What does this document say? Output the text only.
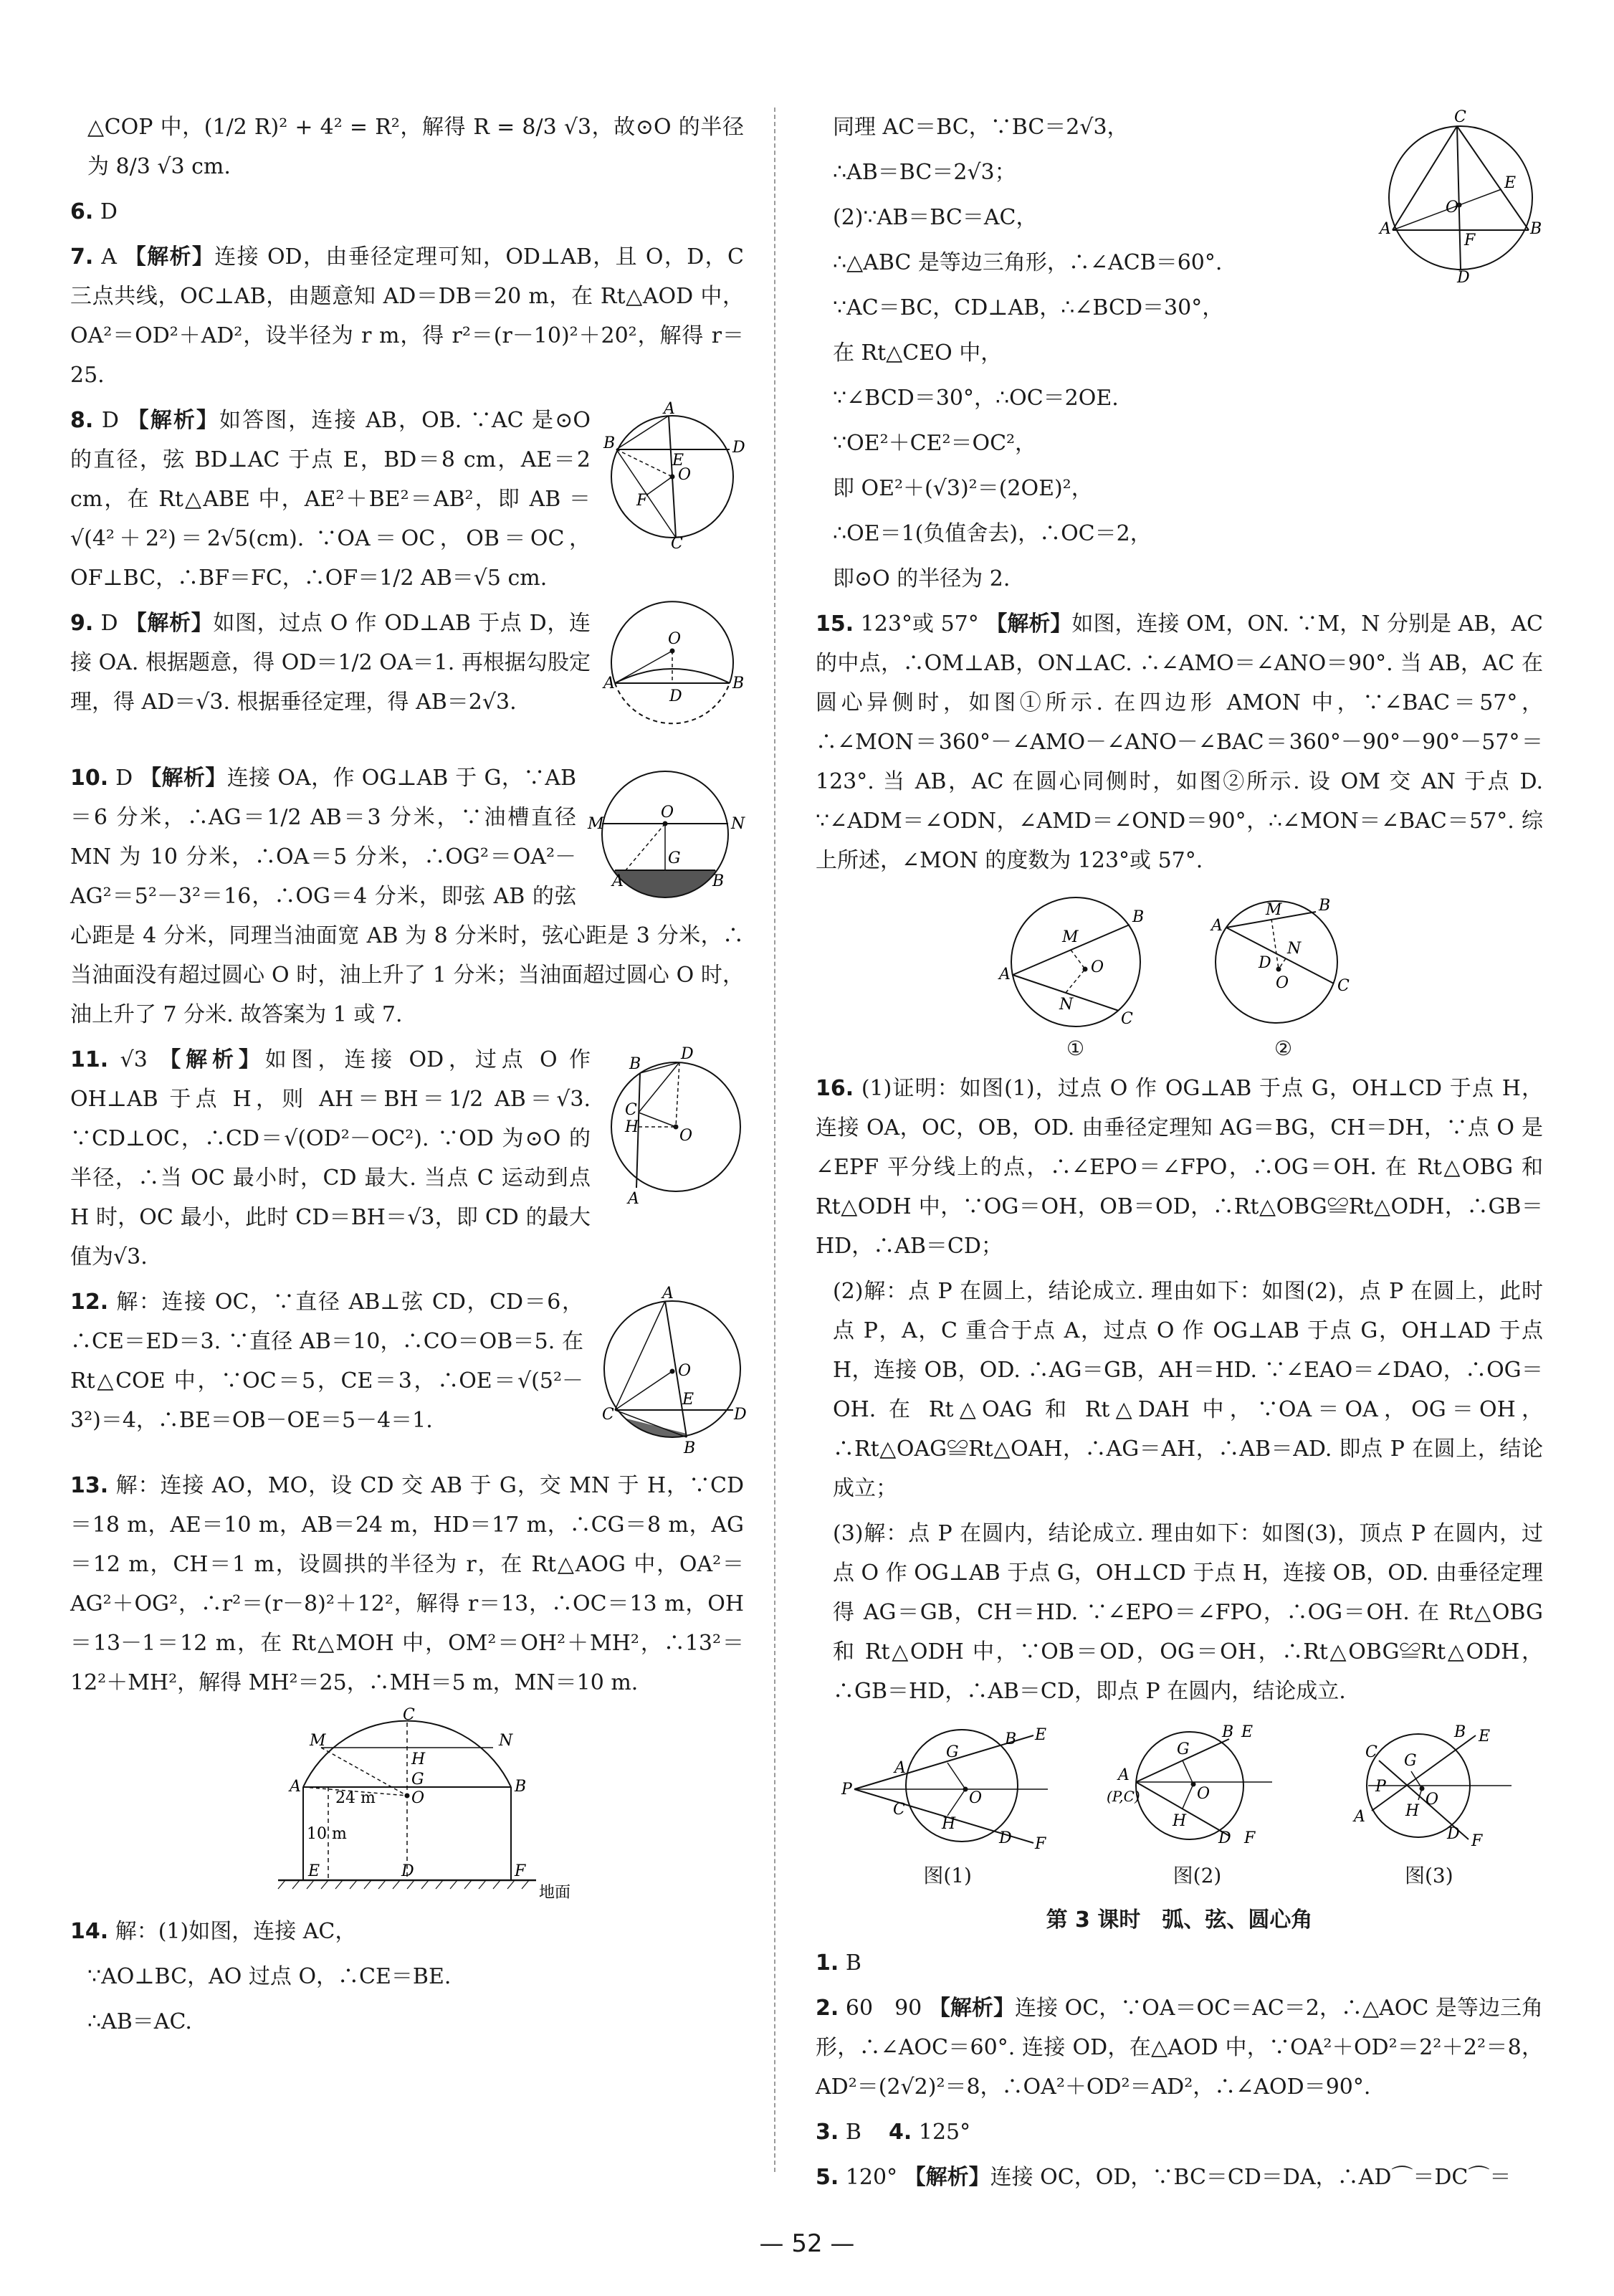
△COP 中，(1/2 R)² + 4² = R²，解得 R = 8/3 √3，故⊙O 的半径为 8/3 √3 cm.

6. D

7. A 【解析】连接 OD，由垂径定理可知，OD⊥AB，且 O，D，C 三点共线，OC⊥AB，由题意知 AD＝DB＝20 m，在 Rt△AOD 中，OA²＝OD²＋AD²，设半径为 r m，得 r²＝(r－10)²＋20²，解得 r＝25.

A
B	D
E
O
F
C

8. D 【解析】如答图，连接 AB，OB. ∵AC 是⊙O 的直径，弦 BD⊥AC 于点 E，BD＝8 cm，AE＝2 cm，在 Rt△ABE 中，AE²＋BE²＝AB²，即 AB ＝√(4²＋2²)＝2√5(cm). ∵OA＝OC，OB＝OC，OF⊥BC，∴BF＝FC，∴OF＝1/2 AB＝√5 cm.

O
A	B
D

9. D 【解析】如图，过点 O 作 OD⊥AB 于点 D，连接 OA. 根据题意，得 OD＝1/2 OA＝1. 再根据勾股定理，得 AD＝√3. 根据垂径定理，得 AB＝2√3.

M	N
O
G
A	B

10. D 【解析】连接 OA，作 OG⊥AB 于 G，∵AB＝6 分米，∴AG＝1/2 AB＝3 分米，∵油槽直径 MN 为 10 分米，∴OA＝5 分米，∴OG²＝OA²－AG²＝5²－3²＝16，∴OG＝4 分米，即弦 AB 的弦心距是 4 分米，同理当油面宽 AB 为 8 分米时，弦心距是 3 分米，∴当油面没有超过圆心 O 时，油上升了 1 分米；当油面超过圆心 O 时，油上升了 7 分米. 故答案为 1 或 7.

B
D
C
H	O
A

11. √3 【解析】如图，连接 OD，过点 O 作 OH⊥AB 于点 H，则 AH＝BH＝1/2 AB＝√3. ∵CD⊥OC，∴CD＝√(OD²－OC²). ∵OD 为⊙O 的半径，∴当 OC 最小时，CD 最大. 当点 C 运动到点 H 时，OC 最小，此时 CD＝BH＝√3，即 CD 的最大值为√3.

A
O
E
C	D
B

12. 解：连接 OC，∵直径 AB⊥弦 CD，CD＝6，∴CE＝ED＝3. ∵直径 AB＝10，∴CO＝OB＝5. 在 Rt△COE 中，∵OC＝5，CE＝3，∴OE＝√(5²－3²)＝4，∴BE＝OB－OE＝5－4＝1.

13. 解：连接 AO，MO，设 CD 交 AB 于 G，交 MN 于 H，∵CD＝18 m，AE＝10 m，AB＝24 m，HD＝17 m，∴CG＝8 m，AG＝12 m，CH＝1 m，设圆拱的半径为 r，在 Rt△AOG 中，OA²＝AG²＋OG²，∴r²＝(r－8)²＋12²，解得 r＝13，∴OC＝13 m，OH＝13－1＝12 m，在 Rt△MOH 中，OM²＝OH²＋MH²，∴13²＝12²＋MH²，解得 MH²＝25，∴MH＝5 m，MN＝10 m.

C
M	N
H
G
A	B
O
E	D	F
24 m
10 m
地面

14. 解：(1)如图，连接 AC，

∵AO⊥BC，AO 过点 O，∴CE＝BE.

∴AB＝AC.

C
E
O
A	B
F
D

同理 AC＝BC，∵BC＝2√3，

∴AB＝BC＝2√3；

(2)∵AB＝BC＝AC，

∴△ABC 是等边三角形，∴∠ACB＝60°.

∵AC＝BC，CD⊥AB，∴∠BCD＝30°，

在 Rt△CEO 中，

∵∠BCD＝30°，∴OC＝2OE.

∵OE²＋CE²＝OC²，

即 OE²＋(√3)²＝(2OE)²，

∴OE＝1(负值舍去)，∴OC＝2，

即⊙O 的半径为 2.

15. 123°或 57° 【解析】如图，连接 OM，ON. ∵M，N 分别是 AB，AC 的中点，∴OM⊥AB，ON⊥AC. ∴∠AMO＝∠ANO＝90°. 当 AB，AC 在圆心异侧时，如图①所示. 在四边形 AMON 中，∵∠BAC＝57°，∴∠MON＝360°－∠AMO－∠ANO－∠BAC＝360°－90°－90°－57°＝123°. 当 AB，AC 在圆心同侧时，如图②所示. 设 OM 交 AN 于点 D. ∵∠ADM＝∠ODN，∠AMD＝∠OND＝90°，∴∠MON＝∠BAC＝57°. 综上所述，∠MON 的度数为 123°或 57°.

B
M
O
A
N
C
①
B
M
A
N
D
O	C
②

16. (1)证明：如图(1)，过点 O 作 OG⊥AB 于点 G，OH⊥CD 于点 H，连接 OA，OC，OB，OD. 由垂径定理知 AG＝BG，CH＝DH，∵点 O 是∠EPF 平分线上的点，∴∠EPO＝∠FPO，∴OG＝OH. 在 Rt△OBG 和 Rt△ODH 中，∵OG＝OH，OB＝OD，∴Rt△OBG≌Rt△ODH，∴GB＝HD，∴AB＝CD；

(2)解：点 P 在圆上，结论成立. 理由如下：如图(2)，点 P 在圆上，此时点 P，A，C 重合于点 A，过点 O 作 OG⊥AB 于点 G，OH⊥AD 于点 H，连接 OB，OD. ∴AG＝GB，AH＝HD. ∵∠EAO＝∠DAO，∴OG＝OH. 在 Rt△OAG 和 Rt△DAH 中，∵OA＝OA，OG＝OH，∴Rt△OAG≌Rt△OAH，∴AG＝AH，∴AB＝AD. 即点 P 在圆上，结论成立；

(3)解：点 P 在圆内，结论成立. 理由如下：如图(3)，顶点 P 在圆内，过点 O 作 OG⊥AB 于点 G，OH⊥CD 于点 H，连接 OB，OD. 由垂径定理得 AG＝GB，CH＝HD. ∵∠EPO＝∠FPO，∴OG＝OH. 在 Rt△OBG 和 Rt△ODH 中，∵OB＝OD，OG＝OH，∴Rt△OBG≌Rt△ODH，∴GB＝HD，∴AB＝CD，即点 P 在圆内，结论成立.

P
A
G
B E
O
C
H
D F
图(1)
A
(P,C)
G
B E
O
H
D F
图(2)
C G
B E
P
O
H
A
D F
图(3)
第 3 课时　弧、弦、圆心角

1. B

2. 60　90 【解析】连接 OC，∵OA＝OC＝AC＝2，∴△AOC 是等边三角形，∴∠AOC＝60°. 连接 OD，在△AOD 中，∵OA²＋OD²＝2²＋2²＝8，AD²＝(2√2)²＝8，∴OA²＋OD²＝AD²，∴∠AOD＝90°.

3. B 4. 125°

5. 120° 【解析】连接 OC，OD，∵BC＝CD＝DA，∴AD⌒＝DC⌒＝

— 52 —
